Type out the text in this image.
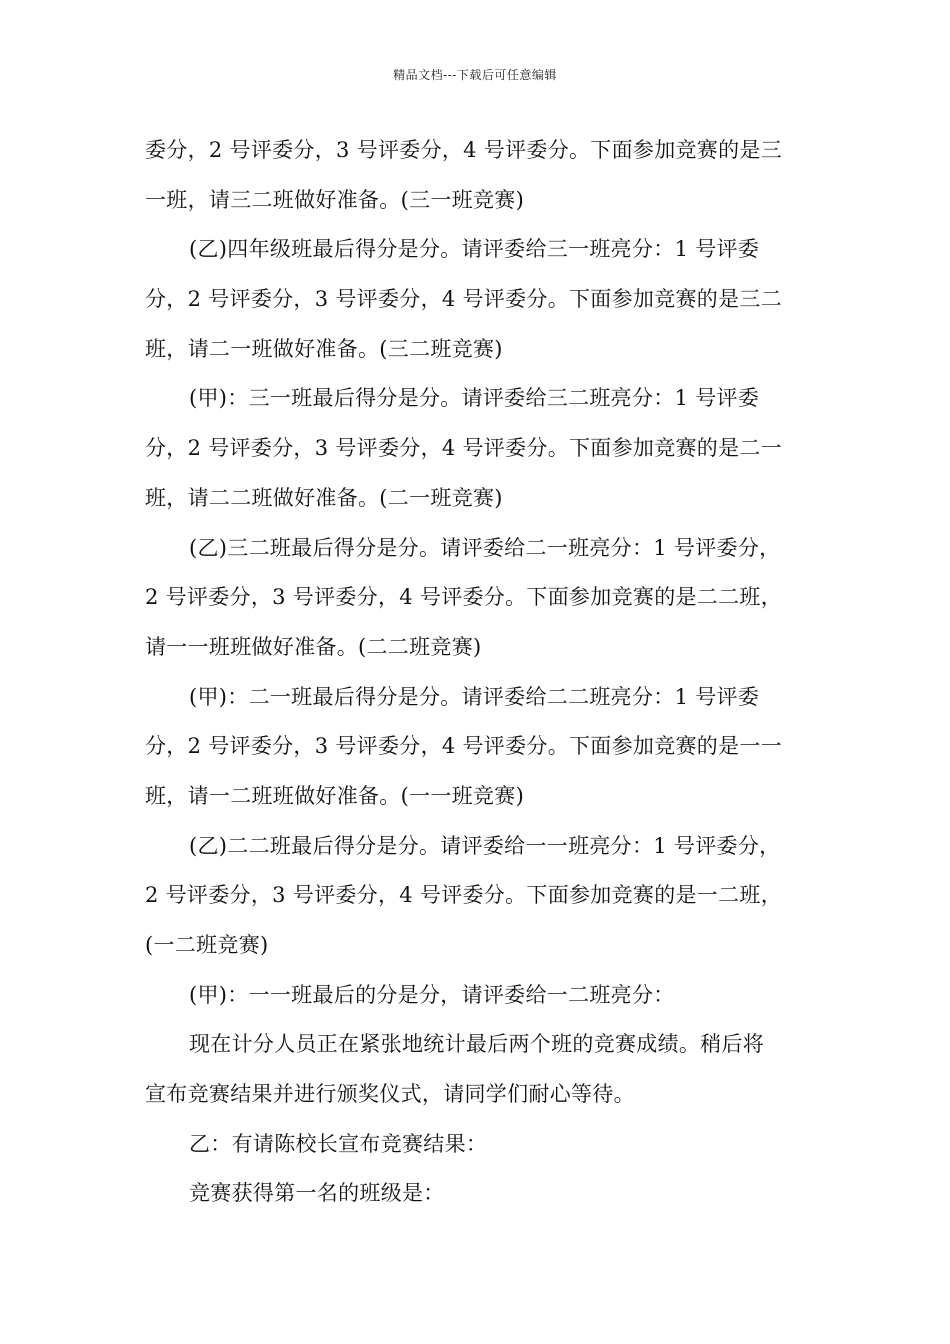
精品文档---下载后可任意编辑
委分，2 号评委分，3 号评委分，4 号评委分。下面参加竞赛的是三
一班，请三二班做好准备。(三一班竞赛)
(乙)四年级班最后得分是分。请评委给三一班亮分：1 号评委
分，2 号评委分，3 号评委分，4 号评委分。下面参加竞赛的是三二
班，请二一班做好准备。(三二班竞赛)
(甲)：三一班最后得分是分。请评委给三二班亮分：1 号评委
分，2 号评委分，3 号评委分，4 号评委分。下面参加竞赛的是二一
班，请二二班做好准备。(二一班竞赛)
(乙)三二班最后得分是分。请评委给二一班亮分：1 号评委分，
2 号评委分，3 号评委分，4 号评委分。下面参加竞赛的是二二班，
请一一班班做好准备。(二二班竞赛)
(甲)：二一班最后得分是分。请评委给二二班亮分：1 号评委
分，2 号评委分，3 号评委分，4 号评委分。下面参加竞赛的是一一
班，请一二班班做好准备。(一一班竞赛)
(乙)二二班最后得分是分。请评委给一一班亮分：1 号评委分，
2 号评委分，3 号评委分，4 号评委分。下面参加竞赛的是一二班，
(一二班竞赛)
(甲)：一一班最后的分是分，请评委给一二班亮分：
现在计分人员正在紧张地统计最后两个班的竞赛成绩。稍后将
宣布竞赛结果并进行颁奖仪式，请同学们耐心等待。
乙：有请陈校长宣布竞赛结果：
竞赛获得第一名的班级是：
